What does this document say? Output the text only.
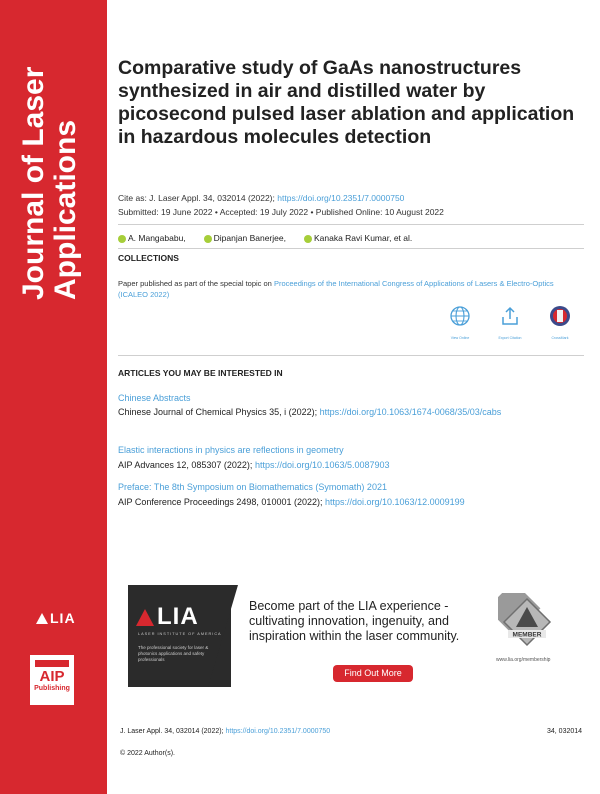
Journal of Laser Applications
LIA
AIP
Publishing
Comparative study of GaAs nanostructures synthesized in air and distilled water by picosecond pulsed laser ablation and application in hazardous molecules detection
Cite as: J. Laser Appl. 34, 032014 (2022); https://doi.org/10.2351/7.0000750
Submitted: 19 June 2022 • Accepted: 19 July 2022 • Published Online: 10 August 2022
A. Mangababu,	Dipanjan Banerjee,	Kanaka Ravi Kumar, et al.
COLLECTIONS
Paper published as part of the special topic on Proceedings of the International Congress of Applications of Lasers & Electro-Optics (ICALEO 2022)
View Online	Export Citation	CrossMark
ARTICLES YOU MAY BE INTERESTED IN
Chinese Abstracts
Chinese Journal of Chemical Physics 35, i (2022); https://doi.org/10.1063/1674-0068/35/03/cabs
Elastic interactions in physics are reflections in geometry
AIP Advances 12, 085307 (2022); https://doi.org/10.1063/5.0087903
Preface: The 8th Symposium on Biomathematics (Symomath) 2021
AIP Conference Proceedings 2498, 010001 (2022); https://doi.org/10.1063/12.0009199
LIA
LASER INSTITUTE OF AMERICA
The professional society for laser & photonics applications and safety professionals
Become part of the LIA experience - cultivating innovation, ingenuity, and inspiration within the laser community.
Find Out More
MEMBER
www.lia.org/membership
J. Laser Appl. 34, 032014 (2022); https://doi.org/10.2351/7.0000750	34, 032014
© 2022 Author(s).
